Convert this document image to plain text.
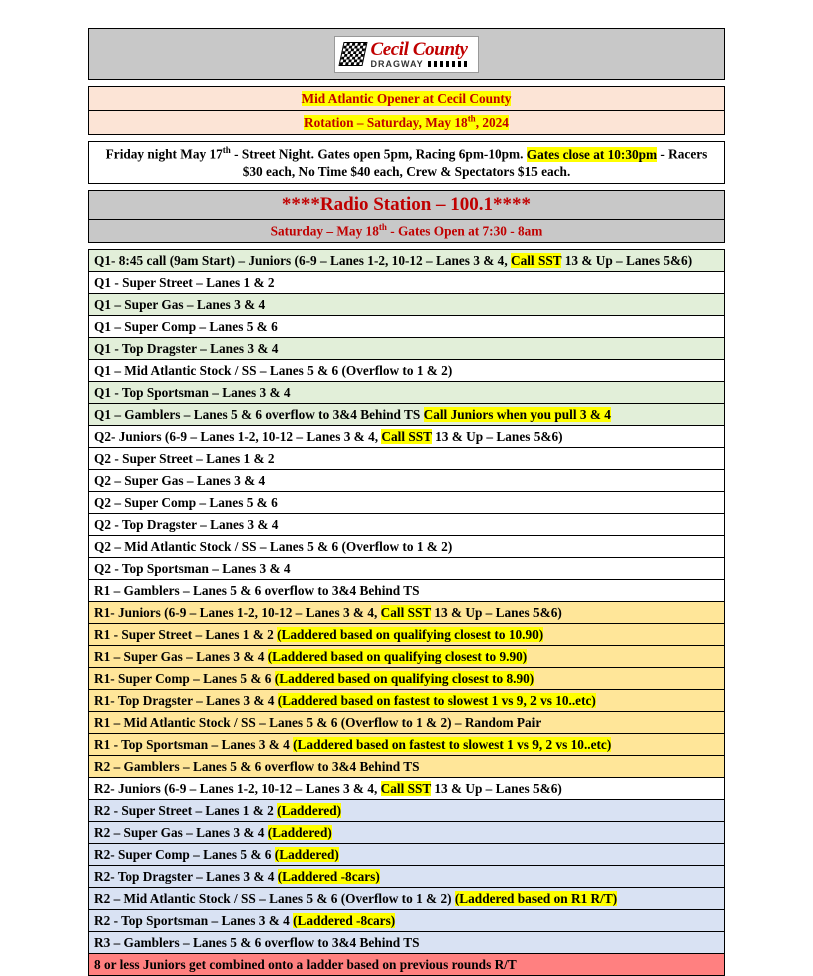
Cecil County
DRAGWAY
Mid Atlantic Opener at Cecil County
Rotation – Saturday, May 18th, 2024
Friday night May 17th - Street Night. Gates open 5pm, Racing 6pm-10pm. Gates close at 10:30pm - Racers $30 each, No Time $40 each, Crew & Spectators $15 each.
****Radio Station – 100.1****
Saturday – May 18th - Gates Open at 7:30 - 8am
Q1- 8:45 call (9am Start) – Juniors (6-9 – Lanes 1-2, 10-12 – Lanes 3 & 4, Call SST 13 & Up – Lanes 5&6)
Q1 - Super Street – Lanes 1 & 2
Q1 – Super Gas – Lanes 3 & 4
Q1 – Super Comp – Lanes 5 & 6
Q1 - Top Dragster – Lanes 3 & 4
Q1 – Mid Atlantic Stock / SS – Lanes 5 & 6 (Overflow to 1 & 2)
Q1 - Top Sportsman – Lanes 3 & 4
Q1 – Gamblers – Lanes 5 & 6 overflow to 3&4 Behind TS Call Juniors when you pull 3 & 4
Q2- Juniors (6-9 – Lanes 1-2, 10-12 – Lanes 3 & 4, Call SST 13 & Up – Lanes 5&6)
Q2 - Super Street – Lanes 1 & 2
Q2 – Super Gas – Lanes 3 & 4
Q2 – Super Comp – Lanes 5 & 6
Q2 - Top Dragster – Lanes 3 & 4
Q2 – Mid Atlantic Stock / SS – Lanes 5 & 6 (Overflow to 1 & 2)
Q2 - Top Sportsman – Lanes 3 & 4
R1 – Gamblers – Lanes 5 & 6 overflow to 3&4 Behind TS
R1- Juniors (6-9 – Lanes 1-2, 10-12 – Lanes 3 & 4, Call SST 13 & Up – Lanes 5&6)
R1 - Super Street – Lanes 1 & 2 (Laddered based on qualifying closest to 10.90)
R1 – Super Gas – Lanes 3 & 4 (Laddered based on qualifying closest to 9.90)
R1- Super Comp – Lanes 5 & 6 (Laddered based on qualifying closest to 8.90)
R1- Top Dragster – Lanes 3 & 4 (Laddered based on fastest to slowest 1 vs 9, 2 vs 10..etc)
R1 – Mid Atlantic Stock / SS – Lanes 5 & 6 (Overflow to 1 & 2) – Random Pair
R1 - Top Sportsman – Lanes 3 & 4 (Laddered based on fastest to slowest 1 vs 9, 2 vs 10..etc)
R2 – Gamblers – Lanes 5 & 6 overflow to 3&4 Behind TS
R2- Juniors (6-9 – Lanes 1-2, 10-12 – Lanes 3 & 4, Call SST 13 & Up – Lanes 5&6)
R2 - Super Street – Lanes 1 & 2 (Laddered)
R2 – Super Gas – Lanes 3 & 4 (Laddered)
R2- Super Comp – Lanes 5 & 6 (Laddered)
R2- Top Dragster – Lanes 3 & 4 (Laddered -8cars)
R2 – Mid Atlantic Stock / SS – Lanes 5 & 6 (Overflow to 1 & 2) (Laddered based on R1 R/T)
R2 - Top Sportsman – Lanes 3 & 4 (Laddered -8cars)
R3 – Gamblers – Lanes 5 & 6 overflow to 3&4 Behind TS
8 or less Juniors get combined onto a ladder based on previous rounds R/T
